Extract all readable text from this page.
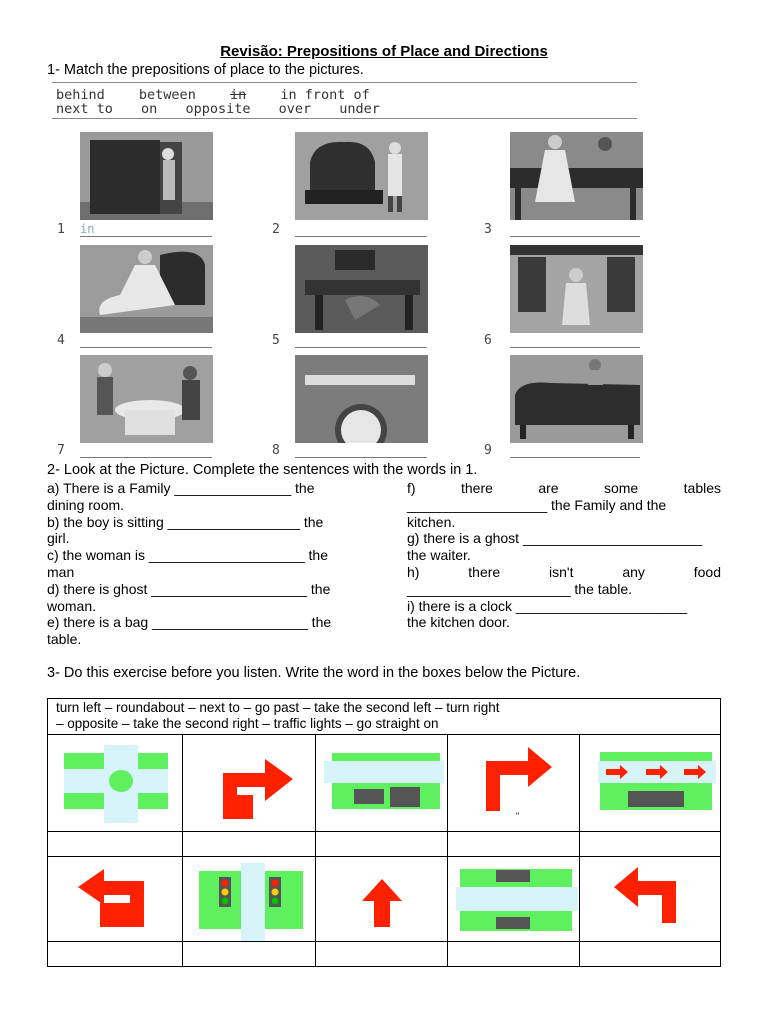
Revisão: Prepositions of Place and Directions
1- Match the prepositions of place to the pictures.
behind	between	in	in front of
next to on opposite over under
1 in	2	3
4	5	6
7	8	9
2- Look at the Picture. Complete the sentences with the words in 1.
a) There is a Family _______________ the
dining room.
b) the boy is sitting _________________ the
girl.
c) the woman is ____________________ the
man
d) there is ghost ____________________ the
woman.
e) there is a bag ____________________ the
table.
f)	there	are	some	tables
__________________ the Family and the
kitchen.
g) there is a ghost _______________________
the waiter.
h)	there	isn't	any	food
_____________________ the table.
i) there is a clock ______________________
the kitchen door.
3- Do this exercise before you listen. Write the word in the boxes below the Picture.
turn left – roundabout – next to – go past – take the second left – turn right
– opposite – take the second right – traffic lights – go straight on
"
